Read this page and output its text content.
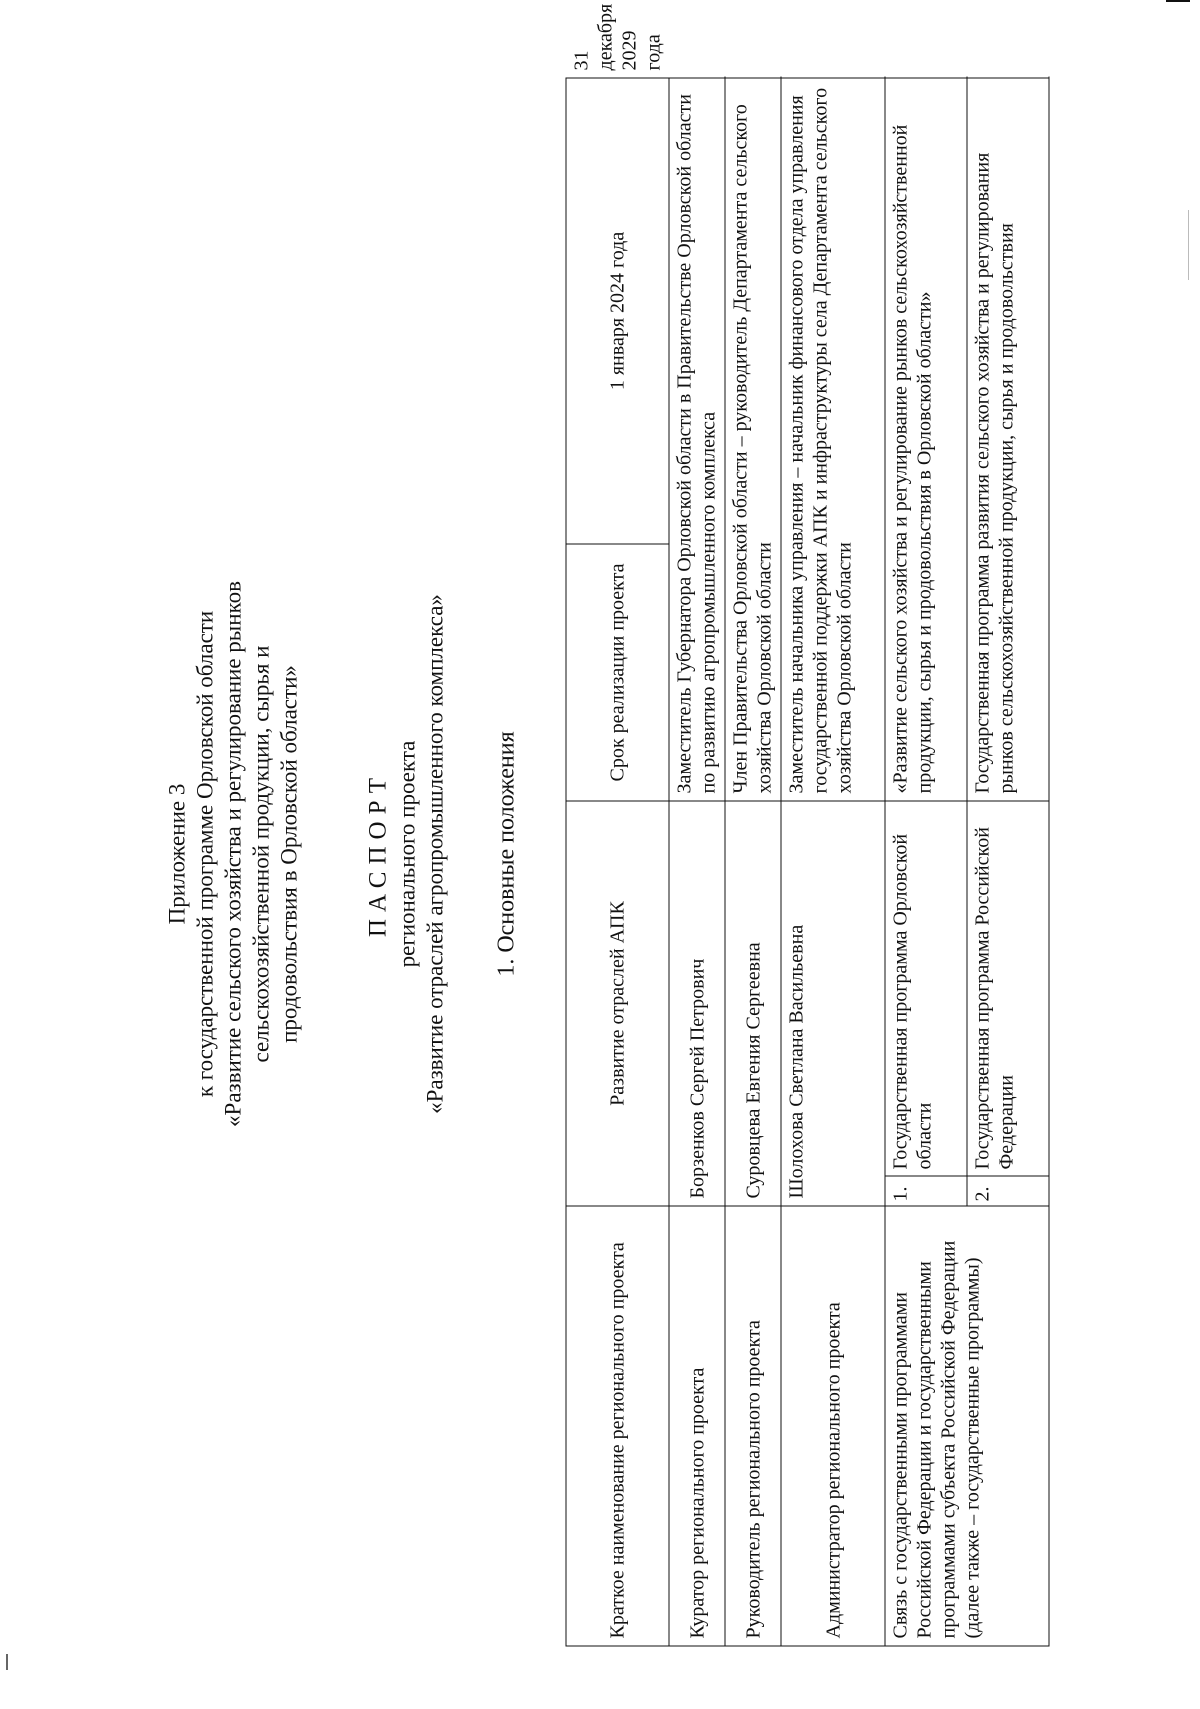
Приложение 3 к государственной программе Орловской области «Развитие сельского хозяйства и регулирование рынков сельскохозяйственной продукции, сырья и продовольствия в Орловской области»	ПАСПОРТ регионального проекта «Развитие отраслей агропромышленного комплекса» 1. Основные положения
Краткое наименование регионального проекта	Развитие отраслей АПК		Срок реализации проекта	1 января 2024 года	31 декабря 2029 года
Куратор регионального проекта	Борзенков Сергей Петрович		Заместитель Губернатора Орловской области в Правительстве Орловской области по развитию агропромышленного комплекса		
Руководитель регионального проекта	Суровцева Евгения Сергеевна		Член Правительства Орловской области – руководитель Департамента сельского хозяйства Орловской области		
Администратор регионального проекта	Шолохова Светлана Васильевна		Заместитель начальника управления – начальник финансового отдела управления государственной поддержки АПК и инфраструктуры села Департамента сельского хозяйства Орловской области		
Связь с государственными программами Российской Федерации и государственными программами субъекта Российской Федерации (далее также – государственные программы)	1.	Государственная программа Орловской области	«Развитие сельского хозяйства и регулирование рынков сельскохозяйственной продукции, сырья и продовольствия в Орловской области»		
	2.	Государственная программа Российской Федерации	Государственная программа развития сельского хозяйства и регулирования рынков сельскохозяйственной продукции, сырья и продовольствия		
